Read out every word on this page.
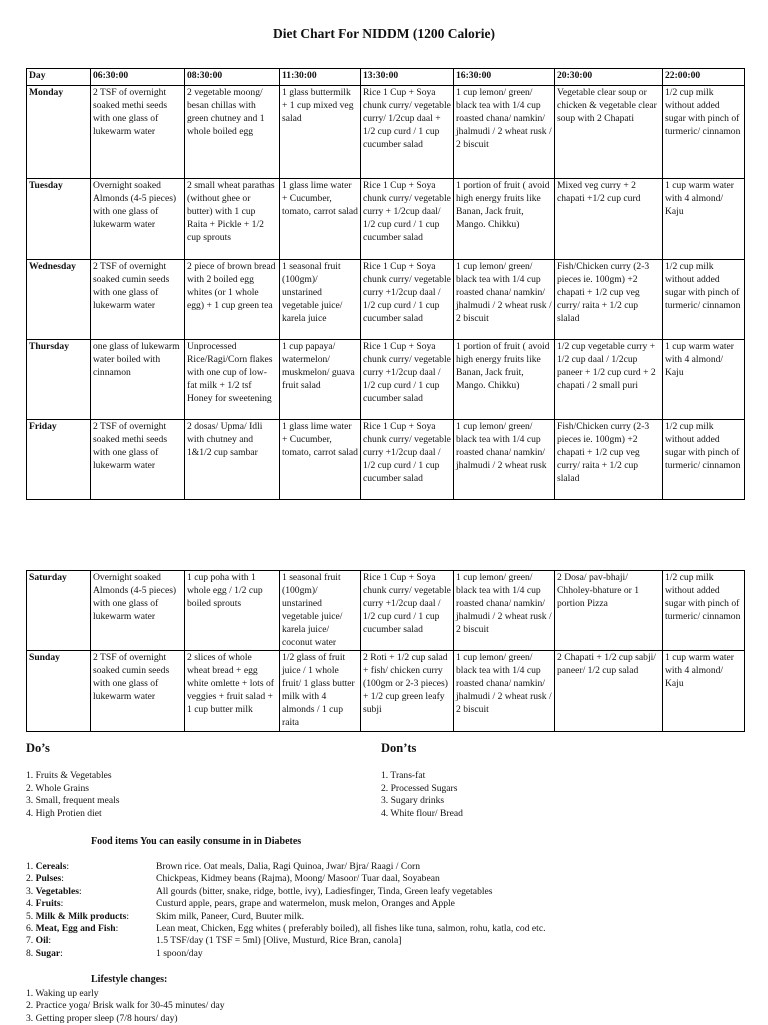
Diet Chart For NIDDM (1200 Calorie)
Day	06:30:00	08:30:00	11:30:00	13:30:00	16:30:00	20:30:00	22:00:00
Monday	2 TSF of overnight soaked methi seeds with one glass of lukewarm water	2 vegetable moong/ besan chillas with green chutney and 1 whole boiled egg	1 glass buttermilk + 1 cup mixed veg salad	Rice 1 Cup + Soya chunk curry/ vegetable curry/ 1/2cup daal + 1/2 cup curd / 1 cup cucumber salad	1 cup lemon/ green/ black tea with 1/4 cup roasted chana/ namkin/ jhalmudi / 2 wheat rusk / 2 biscuit	Vegetable clear soup or chicken & vegetable clear soup with 2 Chapati	1/2 cup milk without added sugar with pinch of turmeric/ cinnamon
Tuesday	Overnight soaked Almonds (4-5 pieces) with one glass of lukewarm water	2 small wheat parathas (without ghee or butter) with 1 cup Raita + Pickle + 1/2 cup sprouts	1 glass lime water + Cucumber, tomato, carrot salad	Rice 1 Cup + Soya chunk curry/ vegetable curry + 1/2cup daal/ 1/2 cup curd / 1 cup cucumber salad	1 portion of fruit ( avoid high energy fruits like Banan, Jack fruit, Mango. Chikku)	Mixed veg curry + 2 chapati +1/2 cup curd	1 cup warm water with 4 almond/ Kaju
Wednesday	2 TSF of overnight soaked cumin seeds with one glass of lukewarm water	2 piece of brown bread with 2 boiled egg whites (or 1 whole egg) + 1 cup green tea	1 seasonal fruit (100gm)/ unstarined vegetable juice/ karela juice	Rice 1 Cup + Soya chunk curry/ vegetable curry +1/2cup daal / 1/2 cup curd / 1 cup cucumber salad	1 cup lemon/ green/ black tea with 1/4 cup roasted chana/ namkin/ jhalmudi / 2 wheat rusk / 2 biscuit	Fish/Chicken curry (2-3 pieces ie. 100gm) +2 chapati + 1/2 cup veg curry/ raita + 1/2 cup slalad	1/2 cup milk without added sugar with pinch of turmeric/ cinnamon
Thursday	one glass of lukewarm water boiled with cinnamon	Unprocessed Rice/Ragi/Corn flakes with one cup of low-fat milk + 1/2 tsf Honey for sweetening	1 cup papaya/ watermelon/ muskmelon/ guava fruit salad	Rice 1 Cup + Soya chunk curry/ vegetable curry +1/2cup daal / 1/2 cup curd / 1 cup cucumber salad	1 portion of fruit ( avoid high energy fruits like Banan, Jack fruit, Mango. Chikku)	1/2 cup vegetable curry + 1/2 cup daal / 1/2cup paneer + 1/2 cup curd + 2 chapati / 2 small puri	1 cup warm water with 4 almond/ Kaju
Friday	2 TSF of overnight soaked methi seeds with one glass of lukewarm water	2 dosas/ Upma/ Idli with chutney and 1&1/2 cup sambar	1 glass lime water + Cucumber, tomato, carrot salad	Rice 1 Cup + Soya chunk curry/ vegetable curry +1/2cup daal / 1/2 cup curd / 1 cup cucumber salad	1 cup lemon/ green/ black tea with 1/4 cup roasted chana/ namkin/ jhalmudi / 2 wheat rusk	Fish/Chicken curry (2-3 pieces ie. 100gm) +2 chapati + 1/2 cup veg curry/ raita + 1/2 cup slalad	1/2 cup milk without added sugar with pinch of turmeric/ cinnamon
Saturday	Overnight soaked Almonds (4-5 pieces) with one glass of lukewarm water	1 cup poha with 1 whole egg / 1/2 cup boiled sprouts	1 seasonal fruit (100gm)/ unstarined vegetable juice/ karela juice/ coconut water	Rice 1 Cup + Soya chunk curry/ vegetable curry +1/2cup daal / 1/2 cup curd / 1 cup cucumber salad	1 cup lemon/ green/ black tea with 1/4 cup roasted chana/ namkin/ jhalmudi / 2 wheat rusk / 2 biscuit	2 Dosa/ pav-bhaji/ Chholey-bhature or 1 portion Pizza	1/2 cup milk without added sugar with pinch of turmeric/ cinnamon
Sunday	2 TSF of overnight soaked cumin seeds with one glass of lukewarm water	2 slices of whole wheat bread + egg white omlette + lots of veggies + fruit salad + 1 cup butter milk	1/2 glass of fruit juice / 1 whole fruit/ 1 glass butter milk with 4 almonds / 1 cup raita	2 Roti + 1/2 cup salad + fish/ chicken curry (100gm or 2-3 pieces) + 1/2 cup green leafy subji	1 cup lemon/ green/ black tea with 1/4 cup roasted chana/ namkin/ jhalmudi / 2 wheat rusk / 2 biscuit	2 Chapati + 1/2 cup sabji/ paneer/ 1/2 cup salad	1 cup warm water with 4 almond/ Kaju
Do’s
1. Fruits & Vegetables
2. Whole Grains
3. Small, frequent meals
4. High Protien diet
Don’ts
1. Trans-fat
2. Processed Sugars
3. Sugary drinks
4. White flour/ Bread
Food items You can easily consume in in Diabetes
1. Cereals:	Brown rice. Oat meals, Dalia, Ragi Quinoa, Jwar/ Bjra/ Raagi / Corn
2. Pulses:	Chickpeas, Kidmey beans (Rajma), Moong/ Masoor/ Tuar daal, Soyabean
3. Vegetables:	All gourds (bitter, snake, ridge, bottle, ivy), Ladiesfinger, Tinda, Green leafy vegetables
4. Fruits:	Custurd apple, pears, grape and watermelon, musk melon, Oranges and Apple
5. Milk & Milk products:	Skim milk, Paneer, Curd, Buuter milk.
6. Meat, Egg and Fish:	Lean meat, Chicken, Egg whites ( preferably boiled), all fishes like tuna, salmon, rohu, katla, cod etc.
7. Oil:	1.5 TSF/day (1 TSF = 5ml) [Olive, Musturd, Rice Bran, canola]
8. Sugar:	1 spoon/day
Lifestyle changes:
1. Waking up early
2. Practice yoga/ Brisk walk for 30-45 minutes/ day
3. Getting proper sleep (7/8 hours/ day)
